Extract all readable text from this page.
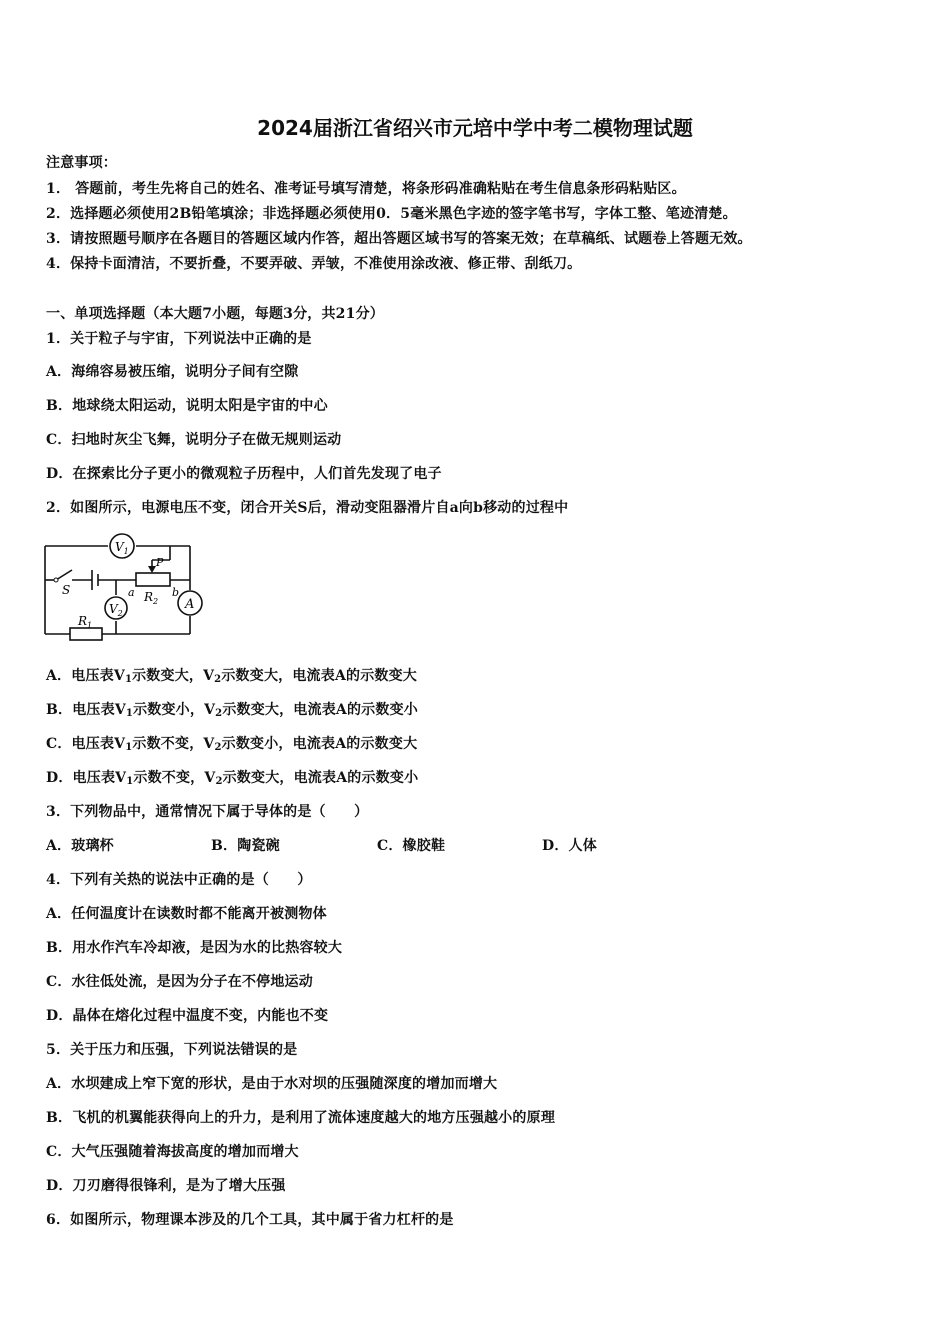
2024届浙江省绍兴市元培中学中考二模物理试题
注意事项：
1． 答题前，考生先将自己的姓名、准考证号填写清楚，将条形码准确粘贴在考生信息条形码粘贴区。
2．选择题必须使用2B铅笔填涂；非选择题必须使用0．5毫米黑色字迹的签字笔书写，字体工整、笔迹清楚。
3．请按照题号顺序在各题目的答题区域内作答，超出答题区域书写的答案无效；在草稿纸、试题卷上答题无效。
4．保持卡面清洁，不要折叠，不要弄破、弄皱，不准使用涂改液、修正带、刮纸刀。
一、单项选择题（本大题7小题，每题3分，共21分）
1．关于粒子与宇宙，下列说法中正确的是
A．海绵容易被压缩，说明分子间有空隙
B．地球绕太阳运动，说明太阳是宇宙的中心
C．扫地时灰尘飞舞，说明分子在做无规则运动
D．在探索比分子更小的微观粒子历程中，人们首先发现了电子
2．如图所示，电源电压不变，闭合开关S后，滑动变阻器滑片自a向b移动的过程中
$V_1$
$V_2$
A
S
P
$R_2$
a	b
$R_1$
A．电压表$V_1$示数变大，$V_2$示数变大，电流表A的示数变大
B．电压表$V_1$示数变小，$V_2$示数变大，电流表A的示数变小
C．电压表$V_1$示数不变，$V_2$示数变小，电流表A的示数变大
D．电压表$V_1$示数不变，$V_2$示数变大，电流表A的示数变小
3．下列物品中，通常情况下属于导体的是（　　）
A．玻璃杯	B．陶瓷碗	C．橡胶鞋	D．人体
4．下列有关热的说法中正确的是（　　）
A．任何温度计在读数时都不能离开被测物体
B．用水作汽车冷却液，是因为水的比热容较大
C．水往低处流，是因为分子在不停地运动
D．晶体在熔化过程中温度不变，内能也不变
5．关于压力和压强，下列说法错误的是
A．水坝建成上窄下宽的形状，是由于水对坝的压强随深度的增加而增大
B．飞机的机翼能获得向上的升力，是利用了流体速度越大的地方压强越小的原理
C．大气压强随着海拔高度的增加而增大
D．刀刃磨得很锋利，是为了增大压强
6．如图所示，物理课本涉及的几个工具，其中属于省力杠杆的是
